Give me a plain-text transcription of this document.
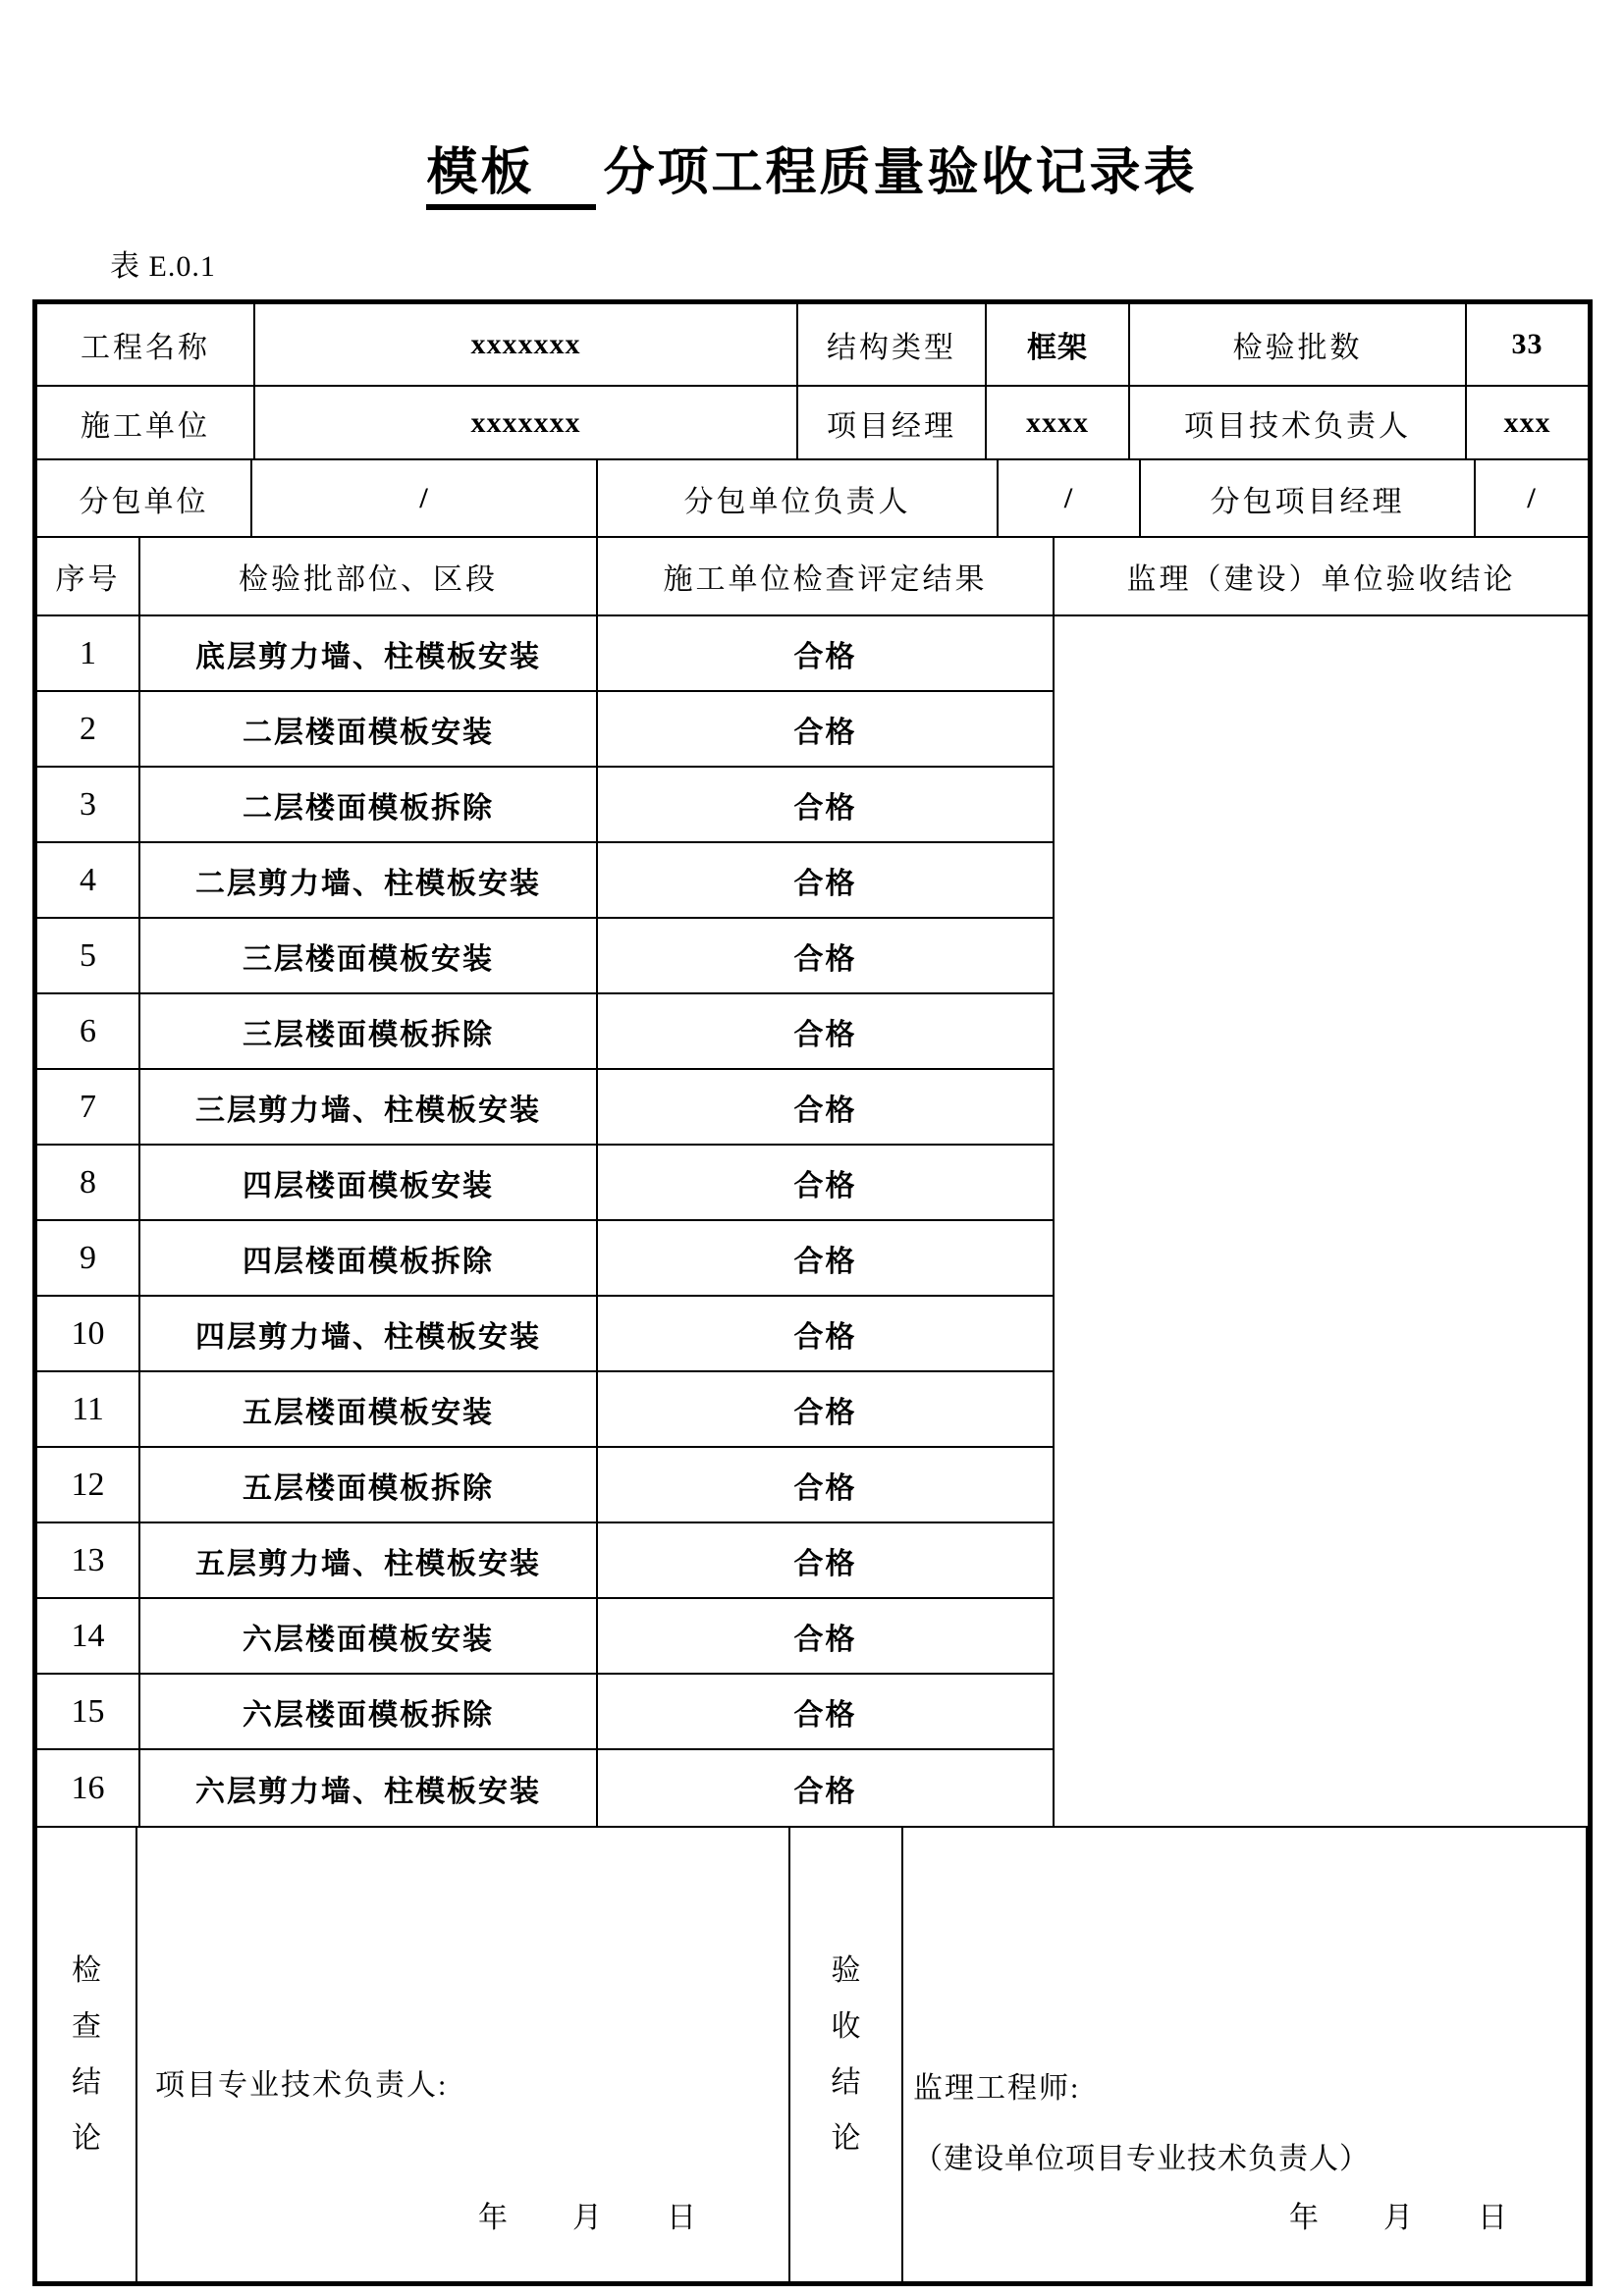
模板 分项工程质量验收记录表
表 E.0.1
工程名称	xxxxxxx	结构类型	框架	检验批数	33
施工单位	xxxxxxx	项目经理	xxxx	项目技术负责人	xxx
分包单位	/	分包单位负责人	/	分包项目经理	/
序号	检验批部位、区段	施工单位检查评定结果	监理（建设）单位验收结论
1	底层剪力墙、柱模板安装	合格
2	二层楼面模板安装	合格
3	二层楼面模板拆除	合格
4	二层剪力墙、柱模板安装	合格
5	三层楼面模板安装	合格
6	三层楼面模板拆除	合格
7	三层剪力墙、柱模板安装	合格
8	四层楼面模板安装	合格
9	四层楼面模板拆除	合格
10	四层剪力墙、柱模板安装	合格
11	五层楼面模板安装	合格
12	五层楼面模板拆除	合格
13	五层剪力墙、柱模板安装	合格
14	六层楼面模板安装	合格
15	六层楼面模板拆除	合格
16	六层剪力墙、柱模板安装	合格
检查结论
项目专业技术负责人:
年　　月　　日
验收结论
监理工程师:
（建设单位项目专业技术负责人）
年　　月　　日
